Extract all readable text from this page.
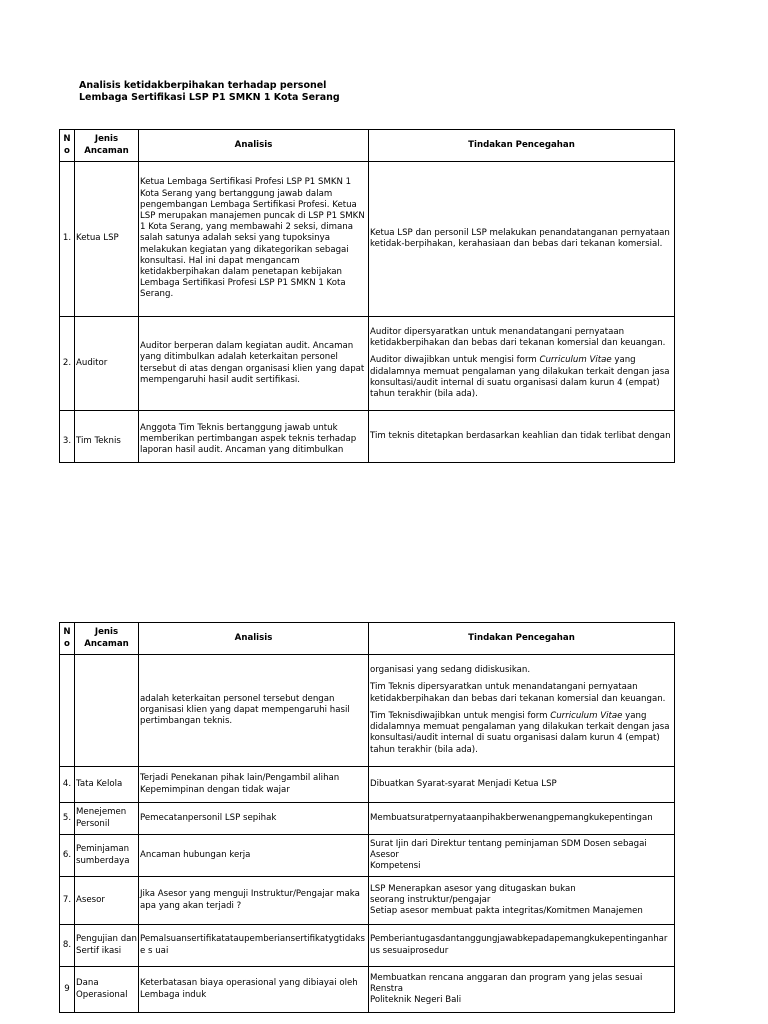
Analisis ketidakberpihakan terhadap personel
Lembaga Sertifikasi LSP P1 SMKN 1 Kota Serang
N o	Jenis Ancaman	Analisis	Tindakan Pencegahan
1.	Ketua LSP	Ketua Lembaga Sertifikasi Profesi LSP P1 SMKN 1 Kota Serang yang bertanggung jawab dalam pengembangan Lembaga Sertifikasi Profesi. Ketua LSP merupakan manajemen puncak di LSP P1 SMKN 1 Kota Serang, yang membawahi 2 seksi, dimana salah satunya adalah seksi yang tupoksinya melakukan kegiatan yang dikategorikan sebagai konsultasi. Hal ini dapat mengancam ketidakberpihakan dalam penetapan kebijakan Lembaga Sertifikasi Profesi LSP P1 SMKN 1 Kota Serang.	Ketua LSP dan personil LSP melakukan penandatanganan pernyataan ketidak-berpihakan, kerahasiaan dan bebas dari tekanan komersial.
2.	Auditor	Auditor berperan dalam kegiatan audit. Ancaman yang ditimbulkan adalah keterkaitan personel tersebut di atas dengan organisasi klien yang dapat mempengaruhi hasil audit sertifikasi.	Auditor dipersyaratkan untuk menandatangani pernyataan ketidakberpihakan dan bebas dari tekanan komersial dan keuangan.

Auditor diwajibkan untuk mengisi form Curriculum Vitae yang didalamnya memuat pengalaman yang dilakukan terkait dengan jasa konsultasi/audit internal di suatu organisasi dalam kurun 4 (empat) tahun terakhir (bila ada).

3.	Tim Teknis	Anggota Tim Teknis bertanggung jawab untuk memberikan pertimbangan aspek teknis terhadap laporan hasil audit. Ancaman yang ditimbulkan	Tim teknis ditetapkan berdasarkan keahlian dan tidak terlibat dengan
N o	Jenis Ancaman	Analisis	Tindakan Pencegahan
		adalah keterkaitan personel tersebut dengan organisasi klien yang dapat mempengaruhi hasil pertimbangan teknis.	organisasi yang sedang didiskusikan.

Tim Teknis dipersyaratkan untuk menandatangani pernyataan ketidakberpihakan dan bebas dari tekanan komersial dan keuangan.

Tim Teknisdiwajibkan untuk mengisi form Curriculum Vitae yang didalamnya memuat pengalaman yang dilakukan terkait dengan jasa konsultasi/audit internal di suatu organisasi dalam kurun 4 (empat) tahun terakhir (bila ada).

4.	Tata Kelola	Terjadi Penekanan pihak lain/Pengambil alihan Kepemimpinan dengan tidak wajar	Dibuatkan Syarat-syarat Menjadi Ketua LSP
5.	Menejemen Personil	Pemecatanpersonil LSP sepihak	Membuatsuratpernyataanpihakberwenangpemangkukepentingan
6.	Peminjaman sumberdaya	Ancaman hubungan kerja	Surat Ijin dari Direktur tentang peminjaman SDM Dosen sebagai Asesor
Kompetensi

7.	Asesor	Jika Asesor yang menguji Instruktur/Pengajar maka apa yang akan terjadi ?	LSP Menerapkan asesor yang ditugaskan bukan
seorang instruktur/pengajar
Setiap asesor membuat pakta integritas/Komitmen Manajemen

8.	Pengujian dan Sertif ikasi	Pemalsuansertifikatataupemberiansertifikatygtidakse s uai	Pemberiantugasdantanggungjawabkepadapemangkukepentinganhar us sesuaiprosedur
9	Dana Operasional	Keterbatasan biaya operasional yang dibiayai oleh Lembaga induk	Membuatkan rencana anggaran dan program yang jelas sesuai Renstra
Politeknik Negeri Bali
